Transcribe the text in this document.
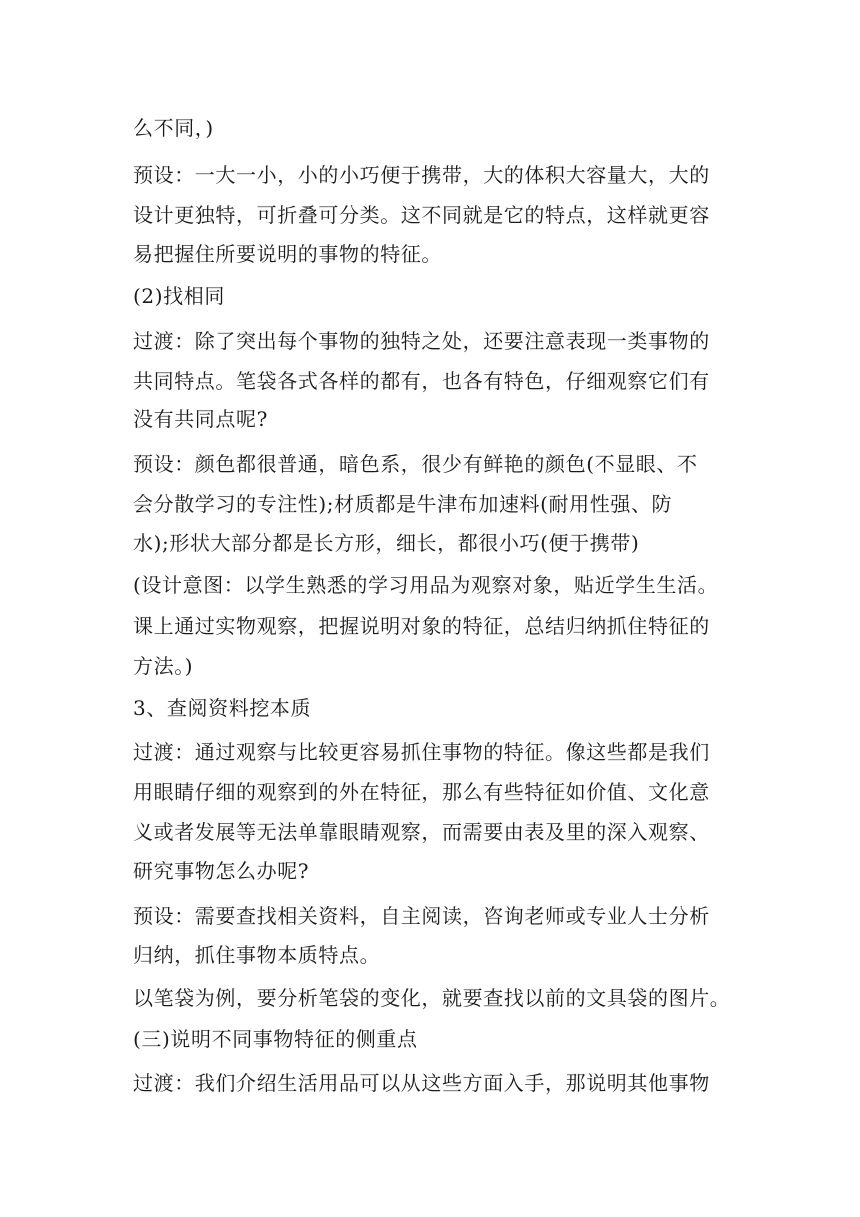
么不同，)
预设：一大一小，小的小巧便于携带，大的体积大容量大，大的
设计更独特，可折叠可分类。这不同就是它的特点，这样就更容
易把握住所要说明的事物的特征。
(2)找相同
过渡：除了突出每个事物的独特之处，还要注意表现一类事物的
共同特点。笔袋各式各样的都有，也各有特色，仔细观察它们有
没有共同点呢?
预设：颜色都很普通，暗色系，很少有鲜艳的颜色(不显眼、不
会分散学习的专注性);材质都是牛津布加速料(耐用性强、防
水);形状大部分都是长方形，细长，都很小巧(便于携带)
(设计意图：以学生熟悉的学习用品为观察对象，贴近学生生活。
课上通过实物观察，把握说明对象的特征，总结归纳抓住特征的
方法。)
3、查阅资料挖本质
过渡：通过观察与比较更容易抓住事物的特征。像这些都是我们
用眼睛仔细的观察到的外在特征，那么有些特征如价值、文化意
义或者发展等无法单靠眼睛观察，而需要由表及里的深入观察、
研究事物怎么办呢?
预设：需要查找相关资料，自主阅读，咨询老师或专业人士分析
归纳，抓住事物本质特点。
以笔袋为例，要分析笔袋的变化，就要查找以前的文具袋的图片。
(三)说明不同事物特征的侧重点
过渡：我们介绍生活用品可以从这些方面入手，那说明其他事物
